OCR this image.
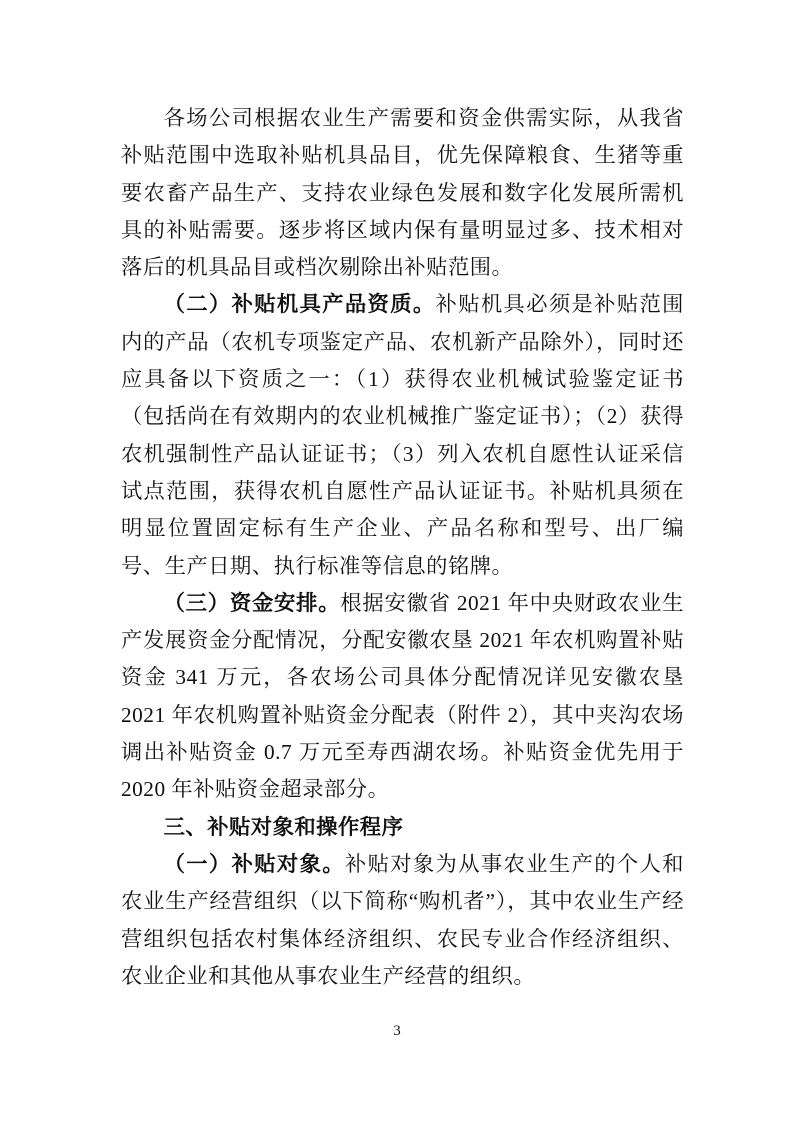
各场公司根据农业生产需要和资金供需实际，从我省补贴范围中选取补贴机具品目，优先保障粮食、生猪等重要农畜产品生产、支持农业绿色发展和数字化发展所需机具的补贴需要。逐步将区域内保有量明显过多、技术相对落后的机具品目或档次剔除出补贴范围。

（二）补贴机具产品资质。补贴机具必须是补贴范围内的产品（农机专项鉴定产品、农机新产品除外），同时还应具备以下资质之一：（1）获得农业机械试验鉴定证书（包括尚在有效期内的农业机械推广鉴定证书）；（2）获得农机强制性产品认证证书；（3）列入农机自愿性认证采信试点范围，获得农机自愿性产品认证证书。补贴机具须在明显位置固定标有生产企业、产品名称和型号、出厂编号、生产日期、执行标准等信息的铭牌。

（三）资金安排。根据安徽省 2021 年中央财政农业生产发展资金分配情况，分配安徽农垦 2021 年农机购置补贴资金 341 万元，各农场公司具体分配情况详见安徽农垦 2021 年农机购置补贴资金分配表（附件 2），其中夹沟农场调出补贴资金 0.7 万元至寿西湖农场。补贴资金优先用于 2020 年补贴资金超录部分。

三、补贴对象和操作程序

（一）补贴对象。补贴对象为从事农业生产的个人和农业生产经营组织（以下简称“购机者”），其中农业生产经营组织包括农村集体经济组织、农民专业合作经济组织、农业企业和其他从事农业生产经营的组织。

3
